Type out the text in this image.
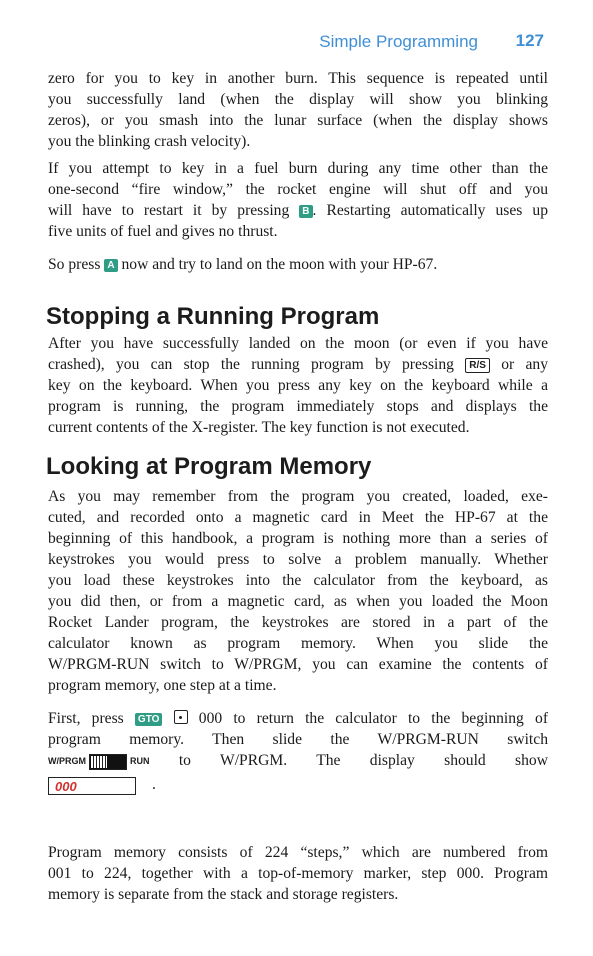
Simple Programming 127
zero for you to key in another burn. This sequence is repeated until
you successfully land (when the display will show you blinking
zeros), or you smash into the lunar surface (when the display shows
you the blinking crash velocity).
If you attempt to key in a fuel burn during any time other than the
one-second “fire window,” the rocket engine will shut off and you
will have to restart it by pressing B . Restarting automatically uses up
five units of fuel and gives no thrust.
So press A now and try to land on the moon with your HP-67.
Stopping a Running Program
After you have successfully landed on the moon (or even if you have
crashed), you can stop the running program by pressing R/S or any
key on the keyboard. When you press any key on the keyboard while a
program is running, the program immediately stops and displays the
current contents of the X-register. The key function is not executed.
Looking at Program Memory
As you may remember from the program you created, loaded, exe-
cuted, and recorded onto a magnetic card in Meet the HP-67 at the
beginning of this handbook, a program is nothing more than a series of
keystrokes you would press to solve a problem manually. Whether
you load these keystrokes into the calculator from the keyboard, as
you did then, or from a magnetic card, as when you loaded the Moon
Rocket Lander program, the keystrokes are stored in a part of the
calculator known as program memory. When you slide the
W/PRGM-RUN switch to W/PRGM, you can examine the contents of
program memory, one step at a time.
First, press GTO	000 to return the calculator to the beginning of
program memory. Then slide the W/PRGM-RUN switch
W/PRGM	RUN to W/PRGM. The display should show
000	.
Program memory consists of 224 “steps,” which are numbered from
001 to 224, together with a top-of-memory marker, step 000. Program
memory is separate from the stack and storage registers.
